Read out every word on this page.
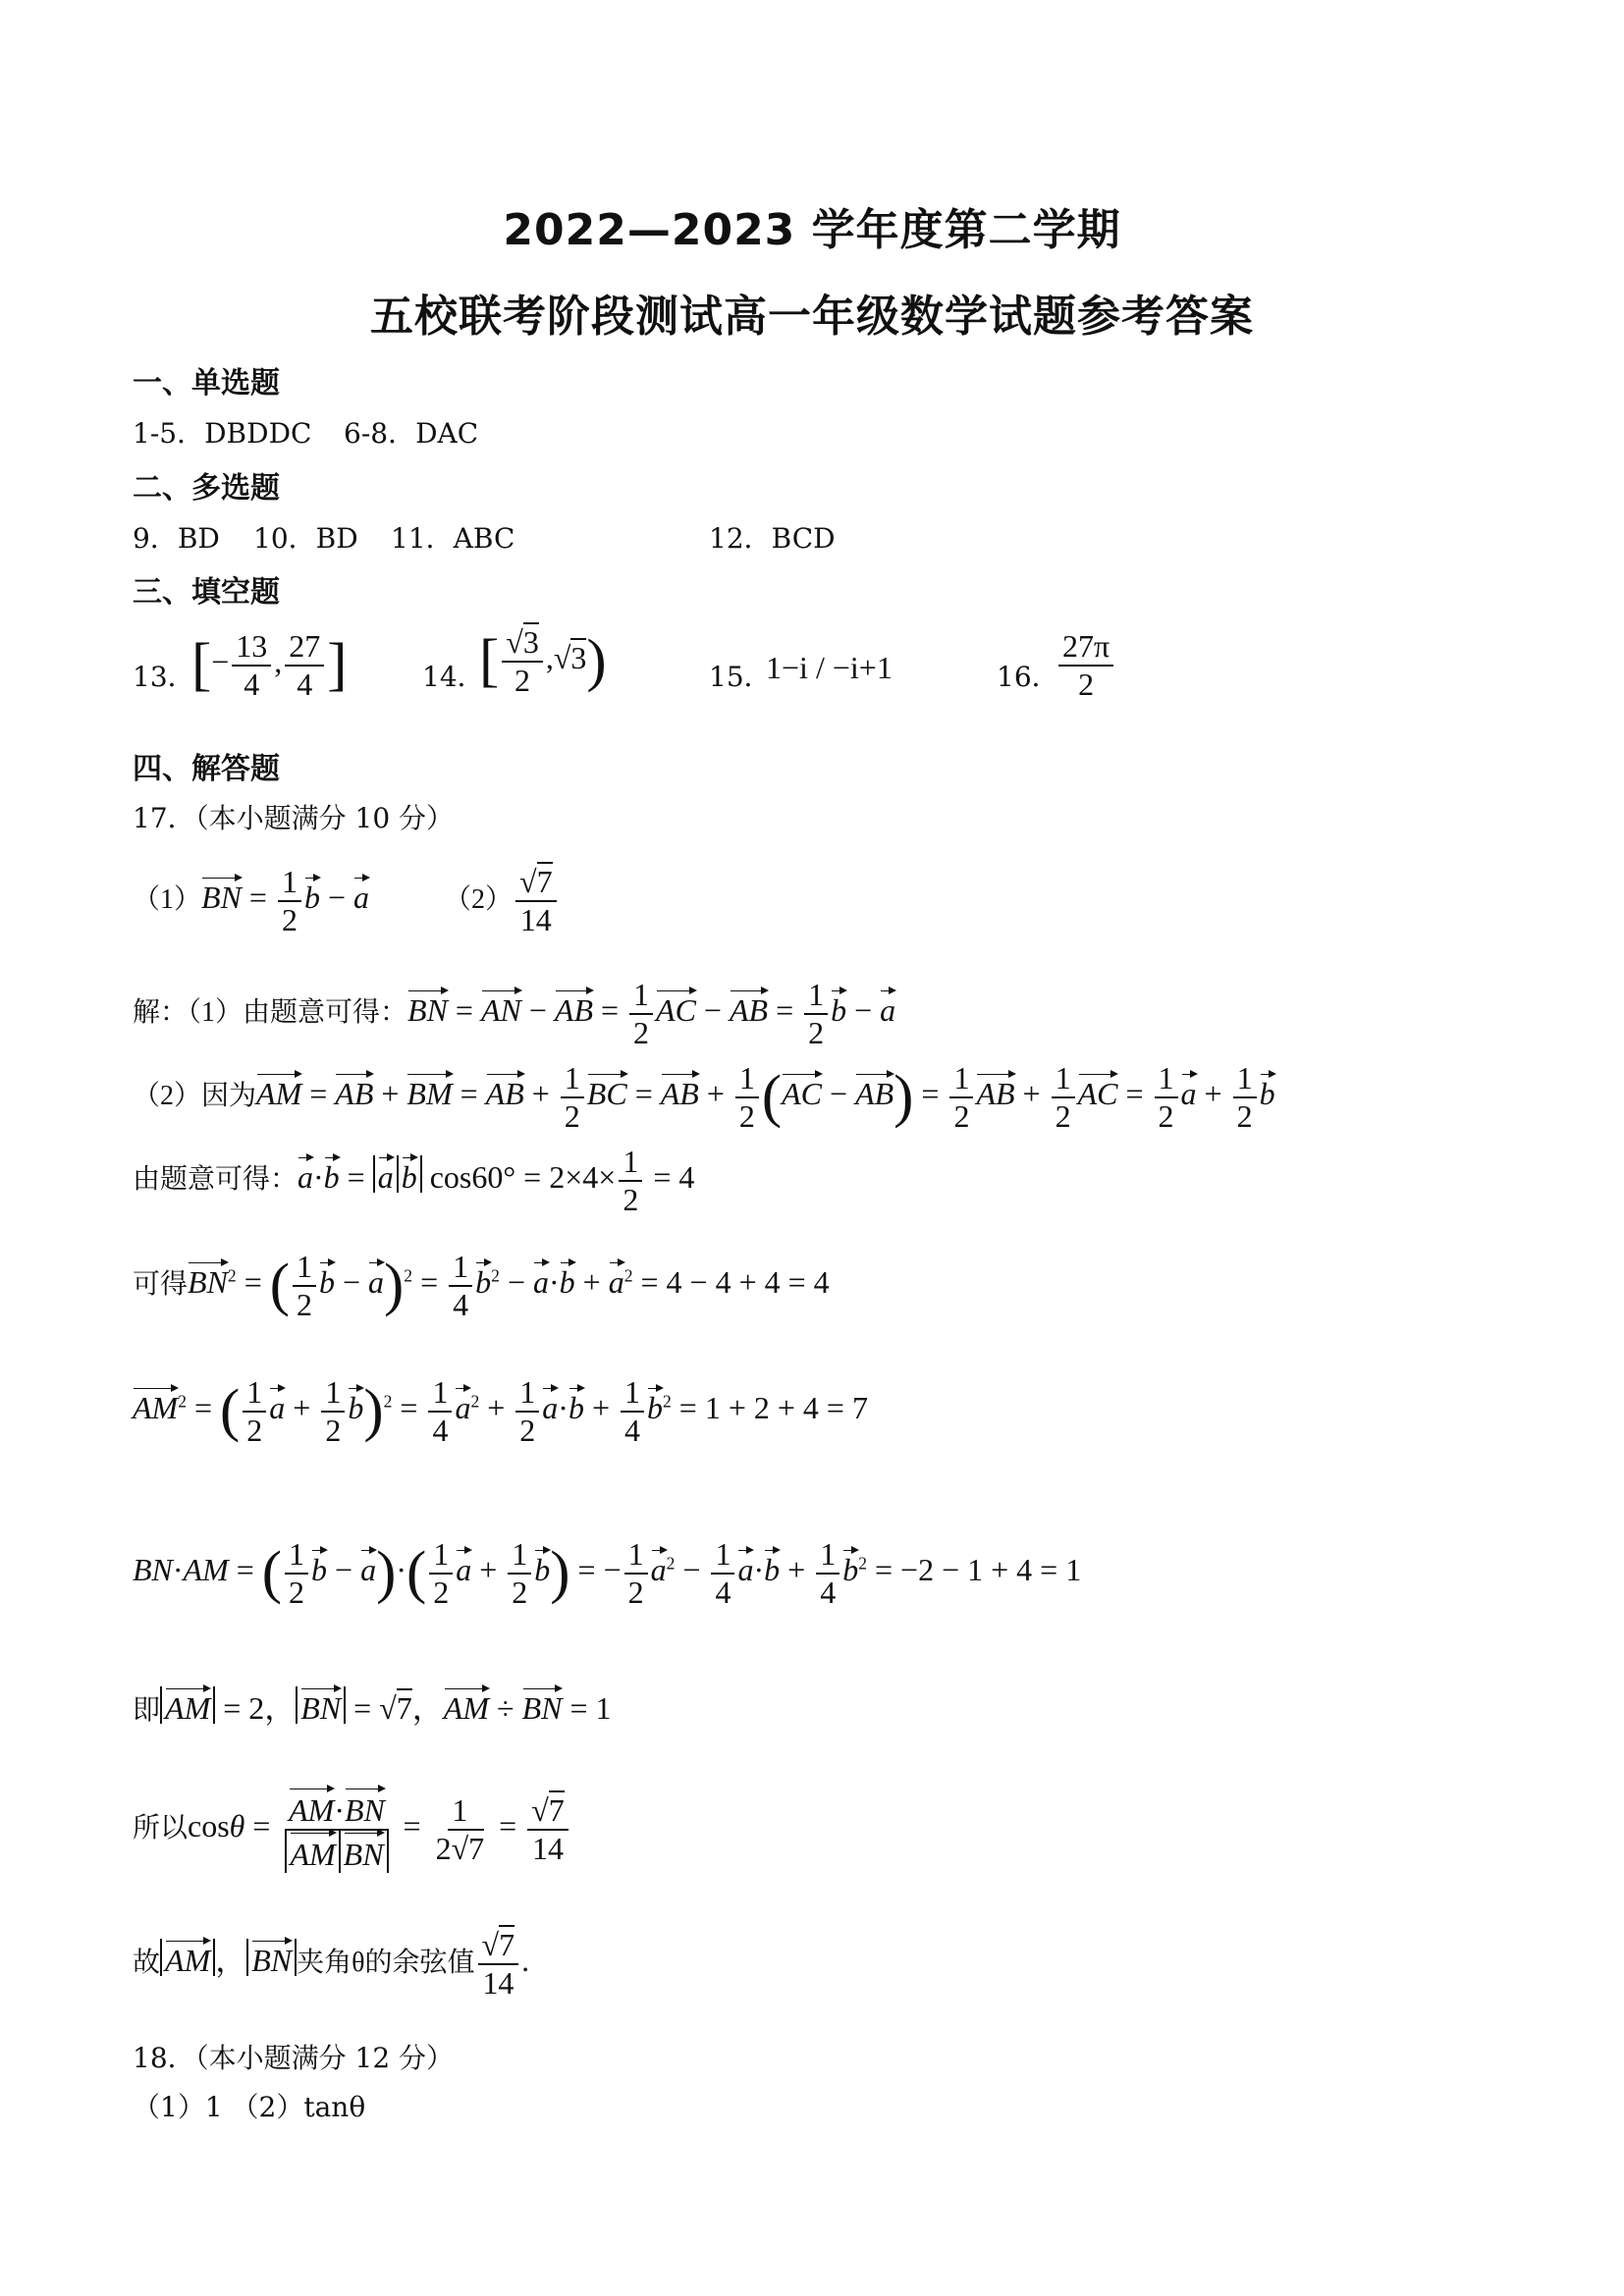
2022—2023 学年度第二学期
五校联考阶段测试高一年级数学试题参考答案
一、单选题
1-5．DBDDC 6-8．DAC
二、多选题
9．BD 10．BD 11．ABC	12．BCD
三、填空题
13．
[− $\frac{13}{4}$ , $\frac{27}{4}$ ]	14．
[ $\frac{√3}{2} ,√3$)	15．
1−i / −i+1	16． $\frac{27\pi}{2}$
四、解答题
17．（本小题满分 10 分）
$(1)BN = \frac{1}{2}$ b − a	$(2) \frac{√7}{14}$
解：（1）由题意可得：BN = AN − AB = $\frac{1}{2}$ AC − AB = $\frac{1}{2}$ b − a
（2）因为AM = AB + BM = AB + $\frac{1}{2}$ BC = AB + $\frac{1}{2} (AC - AB) = \frac{1}{2}$ AB + $\frac{1}{2}$ AC = $\frac{1}{2}$ $a + \frac{1}{2}$ b
由题意可得：a·b = a b $\cos 60^\circ = 2\times 4\times \frac{1}{2} = 4$
可得$BN^2$ = ( $\frac{1}{2}$ $b - a)^2 = \frac{1}{4} b^2 - a\cdot b + a^2 = 4 - 4 + 4 = 4$
$AM^2$ = ( $\frac{1}{2}$ $a + \frac{1}{2} b)^2 = \frac{1}{4} a^2 + \frac{1}{2} a\cdot b + \frac{1}{4} b^2 = 1 + 2 + 4 = 7$
BN·AM = ( $\frac{1}{2}$ $b - a)\cdot( \frac{1}{2}$ $a + \frac{1}{2} b$) = − $\frac{1}{2} a^2 - \frac{1}{4} a\cdot b + \frac{1}{4} b^2 = -2 - 1 + 4 = 1$
即 AM = 2， BN = √7，AM ÷ BN = 1
所以$\cos\theta = \frac{AM\cdot BN}{\text{AM BN}} = \frac{1}{2√7} = \frac{√7}{14}$
故 AM ， BN 夹角θ的余弦值 $\frac{√7}{14}$ .
18．（本小题满分 12 分）
（1）1 （2）tanθ
